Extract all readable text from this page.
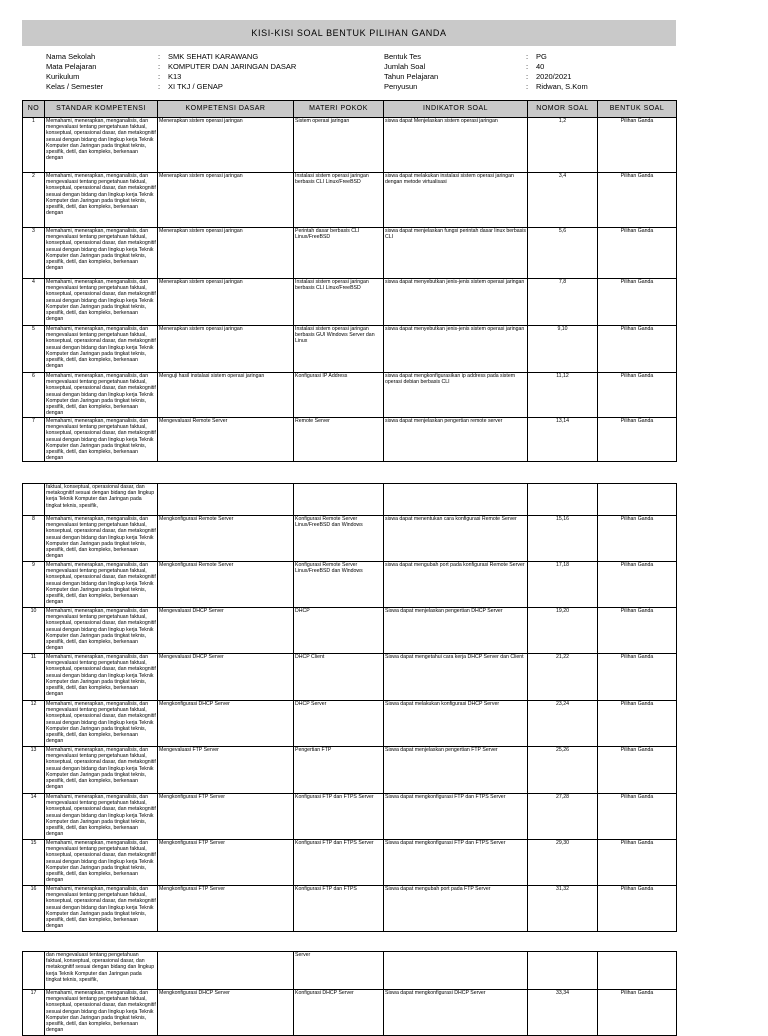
KISI-KISI SOAL BENTUK PILIHAN GANDA
Nama Sekolah	:	SMK SEHATI KARAWANG
Mata Pelajaran	:	KOMPUTER DAN JARINGAN DASAR
Kurikulum	:	K13
Kelas / Semester	:	XI TKJ / GENAP
Bentuk Tes	:	PG
Jumlah Soal	:	40
Tahun Pelajaran	:	2020/2021
Penyusun	:	Ridwan, S.Kom
NO	STANDAR KOMPETENSI	KOMPETENSI DASAR	MATERI POKOK	INDIKATOR SOAL	NOMOR SOAL	BENTUK SOAL
1	Memahami, menerapkan, menganalisis, dan mengevaluasi tentang pengetahuan faktual, konseptual, operasional dasar, dan metakognitif sesuai dengan bidang dan lingkup kerja Teknik Komputer dan Jaringan pada tingkat teknis, spesifik, detil, dan kompleks, berkenaan dengan	Menerapkan sistem operasi jaringan	Sistem operasi jaringan	siswa dapat Menjelaskan sistem operasi jaringan	1,2	Pilihan Ganda
2	Memahami, menerapkan, menganalisis, dan mengevaluasi tentang pengetahuan faktual, konseptual, operasional dasar, dan metakognitif sesuai dengan bidang dan lingkup kerja Teknik Komputer dan Jaringan pada tingkat teknis, spesifik, detil, dan kompleks, berkenaan dengan	Menerapkan sistem operasi jaringan	Instalasi sistem operasi jaringan berbasis CLI Linux/FreeBSD	siswa dapat melakukan instalasi sistem operasi jaringan dengan metode virtualisasi	3,4	Pilihan Ganda
3	Memahami, menerapkan, menganalisis, dan mengevaluasi tentang pengetahuan faktual, konseptual, operasional dasar, dan metakognitif sesuai dengan bidang dan lingkup kerja Teknik Komputer dan Jaringan pada tingkat teknis, spesifik, detil, dan kompleks, berkenaan dengan	Menerapkan sistem operasi jaringan	Perintah dasar berbasis CLI Linux/FreeBSD	siswa dapat menjelaskan fungsi perintah dasar linux berbasis CLI	5,6	Pilihan Ganda
4	Memahami, menerapkan, menganalisis, dan mengevaluasi tentang pengetahuan faktual, konseptual, operasional dasar, dan metakognitif sesuai dengan bidang dan lingkup kerja Teknik Komputer dan Jaringan pada tingkat teknis, spesifik, detil, dan kompleks, berkenaan dengan	Menerapkan sistem operasi jaringan	Instalasi sistem operasi jaringan berbasis CLI Linux/FreeBSD	siswa dapat menyebutkan jenis-jenis sistem operasi jaringan	7,8	Pilihan Ganda
5	Memahami, menerapkan, menganalisis, dan mengevaluasi tentang pengetahuan faktual, konseptual, operasional dasar, dan metakognitif sesuai dengan bidang dan lingkup kerja Teknik Komputer dan Jaringan pada tingkat teknis, spesifik, detil, dan kompleks, berkenaan dengan	Menerapkan sistem operasi jaringan	Instalasi sistem operasi jaringan berbasis GUI Windows Server dan Linux	siswa dapat menyebutkan jenis-jenis sistem operasi jaringan	9,10	Pilihan Ganda
6	Memahami, menerapkan, menganalisis, dan mengevaluasi tentang pengetahuan faktual, konseptual, operasional dasar, dan metakognitif sesuai dengan bidang dan lingkup kerja Teknik Komputer dan Jaringan pada tingkat teknis, spesifik, detil, dan kompleks, berkenaan dengan	Menguji hasil instalasi sistem operasi jaringan	Konfigurasi IP Address	siswa dapat mengkonfigurasikan ip address pada sistem operasi debian berbasis CLI	11,12	Pilihan Ganda
7	Memahami, menerapkan, menganalisis, dan mengevaluasi tentang pengetahuan faktual, konseptual, operasional dasar, dan metakognitif sesuai dengan bidang dan lingkup kerja Teknik Komputer dan Jaringan pada tingkat teknis, spesifik, detil, dan kompleks, berkenaan dengan	Mengevaluasi Remote Server	Remote Server	siswa dapat menjelaskan pengertian remote server	13,14	Pilihan Ganda
	faktual, konseptual, operasional dasar, dan metakognitif sesuai dengan bidang dan lingkup kerja Teknik Komputer dan Jaringan pada tingkat teknis, spesifik,					
8	Memahami, menerapkan, menganalisis, dan mengevaluasi tentang pengetahuan faktual, konseptual, operasional dasar, dan metakognitif sesuai dengan bidang dan lingkup kerja Teknik Komputer dan Jaringan pada tingkat teknis, spesifik, detil, dan kompleks, berkenaan dengan	Mengkonfigurasi Remote Server	Konfigurasi Remote Server Linux/FreeBSD dan Windows	siswa dapat menentukan cara konfigurasi Remote Server	15,16	Pilihan Ganda
9	Memahami, menerapkan, menganalisis, dan mengevaluasi tentang pengetahuan faktual, konseptual, operasional dasar, dan metakognitif sesuai dengan bidang dan lingkup kerja Teknik Komputer dan Jaringan pada tingkat teknis, spesifik, detil, dan kompleks, berkenaan dengan	Mengkonfigurasi Remote Server	Konfigurasi Remote Server Linux/FreeBSD dan Windows	siswa dapat mengubah port pada konfigurasi Remote Server	17,18	Pilihan Ganda
10	Memahami, menerapkan, menganalisis, dan mengevaluasi tentang pengetahuan faktual, konseptual, operasional dasar, dan metakognitif sesuai dengan bidang dan lingkup kerja Teknik Komputer dan Jaringan pada tingkat teknis, spesifik, detil, dan kompleks, berkenaan dengan	Mengevaluasi DHCP Server	DHCP	Siswa dapat menjelaskan pengertian DHCP Server	19,20	Pilihan Ganda
11	Memahami, menerapkan, menganalisis, dan mengevaluasi tentang pengetahuan faktual, konseptual, operasional dasar, dan metakognitif sesuai dengan bidang dan lingkup kerja Teknik Komputer dan Jaringan pada tingkat teknis, spesifik, detil, dan kompleks, berkenaan dengan	Mengevaluasi DHCP Server	DHCP Client	Siswa dapat mengetahui cara kerja DHCP Server dan Client	21,22	Pilihan Ganda
12	Memahami, menerapkan, menganalisis, dan mengevaluasi tentang pengetahuan faktual, konseptual, operasional dasar, dan metakognitif sesuai dengan bidang dan lingkup kerja Teknik Komputer dan Jaringan pada tingkat teknis, spesifik, detil, dan kompleks, berkenaan dengan	Mengkonfigurasi DHCP Server	DHCP Server	Siswa dapat melakukan konfigurasi DHCP Server	23,24	Pilihan Ganda
13	Memahami, menerapkan, menganalisis, dan mengevaluasi tentang pengetahuan faktual, konseptual, operasional dasar, dan metakognitif sesuai dengan bidang dan lingkup kerja Teknik Komputer dan Jaringan pada tingkat teknis, spesifik, detil, dan kompleks, berkenaan dengan	Mengevaluasi FTP Server	Pengertian FTP	Siswa dapat menjelaskan pengertian FTP Server	25,26	Pilihan Ganda
14	Memahami, menerapkan, menganalisis, dan mengevaluasi tentang pengetahuan faktual, konseptual, operasional dasar, dan metakognitif sesuai dengan bidang dan lingkup kerja Teknik Komputer dan Jaringan pada tingkat teknis, spesifik, detil, dan kompleks, berkenaan dengan	Mengkonfigurasi FTP Server	Konfigurasi FTP dan FTPS Server	Siswa dapat mengkonfigurasi FTP dan FTPS Server	27,28	Pilihan Ganda
15	Memahami, menerapkan, menganalisis, dan mengevaluasi tentang pengetahuan faktual, konseptual, operasional dasar, dan metakognitif sesuai dengan bidang dan lingkup kerja Teknik Komputer dan Jaringan pada tingkat teknis, spesifik, detil, dan kompleks, berkenaan dengan	Mengkonfigurasi FTP Server	Konfigurasi FTP dan FTPS Server	Siswa dapat mengkonfigurasi FTP dan FTPS Server	29,30	Pilihan Ganda
16	Memahami, menerapkan, menganalisis, dan mengevaluasi tentang pengetahuan faktual, konseptual, operasional dasar, dan metakognitif sesuai dengan bidang dan lingkup kerja Teknik Komputer dan Jaringan pada tingkat teknis, spesifik, detil, dan kompleks, berkenaan dengan	Mengkonfigurasi FTP Server	Konfigurasi FTP dan FTPS	Siswa dapat mengubah port pada FTP Server	31,32	Pilihan Ganda
	dan mengevaluasi tentang pengetahuan faktual, konseptual, operasional dasar, dan metakognitif sesuai dengan bidang dan lingkup kerja Teknik Komputer dan Jaringan pada tingkat teknis, spesifik,		Server			
17	Memahami, menerapkan, menganalisis, dan mengevaluasi tentang pengetahuan faktual, konseptual, operasional dasar, dan metakognitif sesuai dengan bidang dan lingkup kerja Teknik Komputer dan Jaringan pada tingkat teknis, spesifik, detil, dan kompleks, berkenaan dengan	Mengkonfigurasi DHCP Server	Konfigurasi DHCP Server	Siswa dapat mengkonfigurasi DHCP Server	33,34	Pilihan Ganda
